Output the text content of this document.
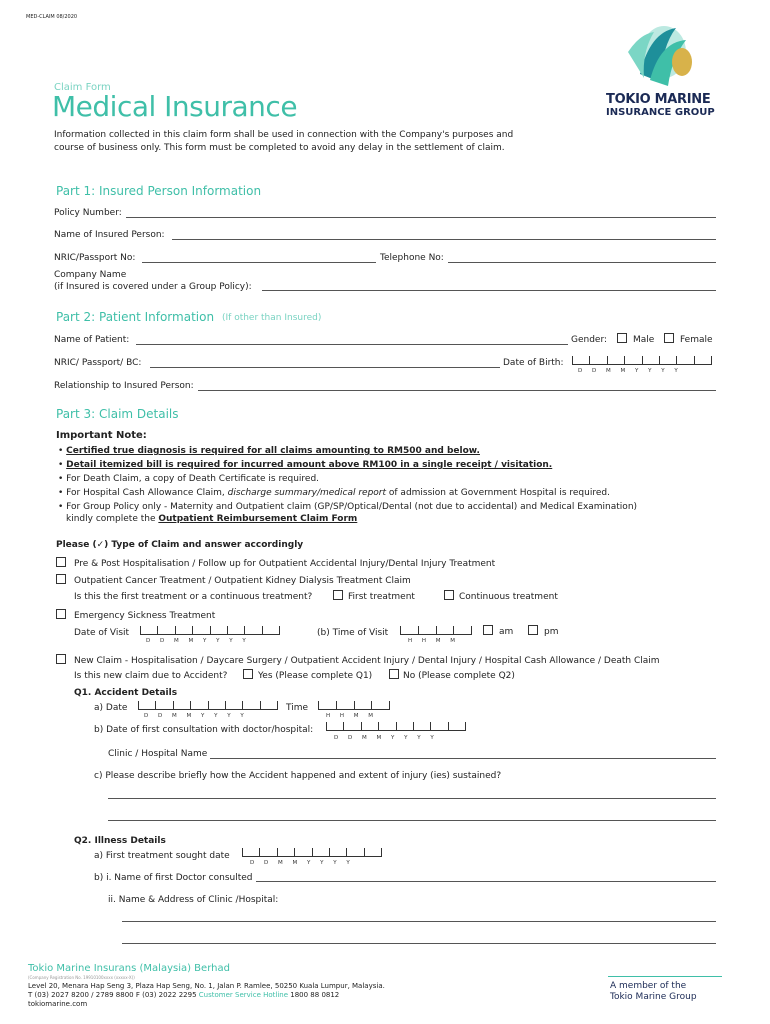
MED-CLAIM 08/2020
Claim Form
Medical Insurance	TOKIO MARINE
INSURANCE GROUP
Information collected in this claim form shall be used in connection with the Company's purposes and
course of business only. This form must be completed to avoid any delay in the settlement of claim.
Part 1: Insured Person Information
Policy Number:
Name of Insured Person:
NRIC/Passport No:	Telephone No:
Company Name
(if Insured is covered under a Group Policy):
Part 2: Patient Information (If other than Insured)
Name of Patient:	Gender:	Male	Female
NRIC/ Passport/ BC:	Date of Birth:
D D M M Y Y Y Y
Relationship to Insured Person:
Part 3: Claim Details
Important Note:
• Certified true diagnosis is required for all claims amounting to RM500 and below.
• Detail itemized bill is required for incurred amount above RM100 in a single receipt / visitation.
• For Death Claim, a copy of Death Certificate is required.
• For Hospital Cash Allowance Claim, discharge summary/medical report of admission at Government Hospital is required.
• For Group Policy only - Maternity and Outpatient claim (GP/SP/Optical/Dental (not due to accidental) and Medical Examination)
kindly complete the Outpatient Reimbursement Claim Form
Please (✓) Type of Claim and answer accordingly
Pre & Post Hospitalisation / Follow up for Outpatient Accidental Injury/Dental Injury Treatment
Outpatient Cancer Treatment / Outpatient Kidney Dialysis Treatment Claim
Is this the first treatment or a continuous treatment?	First treatment	Continuous treatment
Emergency Sickness Treatment
Date of Visit
D D M M Y Y Y Y
(b) Time of Visit
H H M M
am	pm
New Claim - Hospitalisation / Daycare Surgery / Outpatient Accident Injury / Dental Injury / Hospital Cash Allowance / Death Claim
Is this new claim due to Accident?	Yes (Please complete Q1)	No (Please complete Q2)
Q1. Accident Details
a) Date
D D M M Y Y Y Y
Time
H H M M
b) Date of first consultation with doctor/hospital:
D D M M Y Y Y Y
Clinic / Hospital Name
c) Please describe briefly how the Accident happened and extent of injury (ies) sustained?
Q2. Illness Details
a) First treatment sought date
D D M M Y Y Y Y
b) i. Name of first Doctor consulted
ii. Name & Address of Clinic /Hospital:
Tokio Marine Insurans (Malaysia) Berhad
(Company Registration No. 19910100xxxx (xxxxx-X))
Level 20, Menara Hap Seng 3, Plaza Hap Seng, No. 1, Jalan P. Ramlee, 50250 Kuala Lumpur, Malaysia.
T (03) 2027 8200 / 2789 8800 F (03) 2022 2295 Customer Service Hotline 1800 88 0812
tokiomarine.com
A member of the
Tokio Marine Group
